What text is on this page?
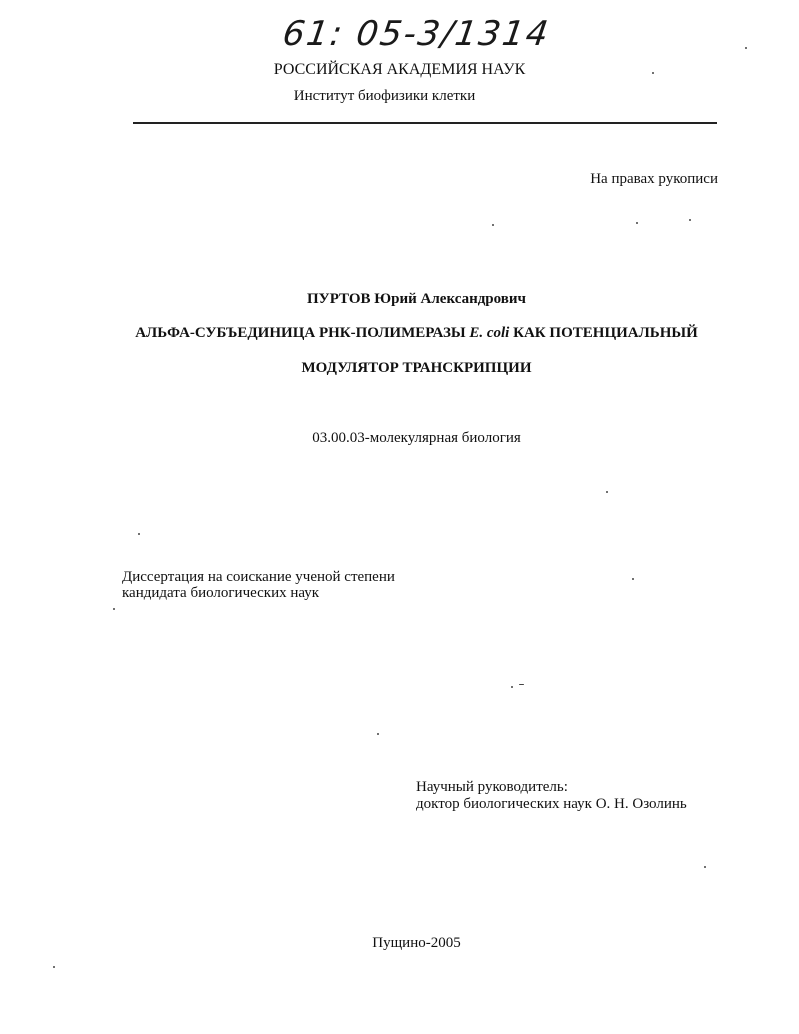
61: 05-3/1314
РОССИЙСКАЯ АКАДЕМИЯ НАУК
Институт биофизики клетки
На правах рукописи
ПУРТОВ Юрий Александрович
АЛЬФА-СУБЪЕДИНИЦА РНК-ПОЛИМЕРАЗЫ E. coli КАК ПОТЕНЦИАЛЬНЫЙ
МОДУЛЯТОР ТРАНСКРИПЦИИ
03.00.03-молекулярная биология
Диссертация на соискание ученой степени
кандидата биологических наук
Научный руководитель:
доктор биологических наук О. Н. Озолинь
Пущино-2005
